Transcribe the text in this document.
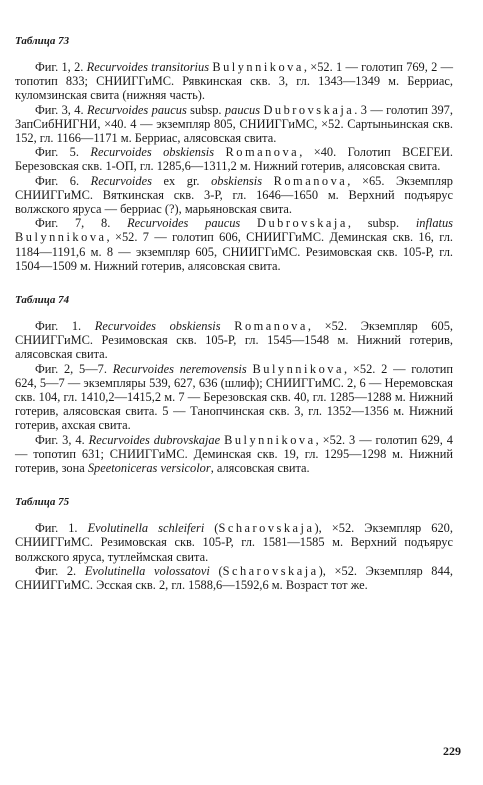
Таблица 73

Фиг. 1, 2. Recurvoides transitorius Bulynnikova, ×52. 1 — голотип 769, 2 — топотип 833; СНИИГГиМС. Рявкинская скв. 3, гл. 1343—1349 м. Берриас, куломзинская свита (нижняя часть).

Фиг. 3, 4. Recurvoides paucus subsp. paucus Dubrovskaja. 3 — голотип 397, ЗапСибНИГНИ, ×40. 4 — экземпляр 805, СНИИГГиМС, ×52. Сартыньинская скв. 152, гл. 1166—1171 м. Берриас, алясовская свита.

Фиг. 5. Recurvoides obskiensis Romanova, ×40. Голотип ВСЕГЕИ. Березовская скв. 1-ОП, гл. 1285,6—1311,2 м. Нижний готерив, алясовская свита.

Фиг. 6. Recurvoides ex gr. obskiensis Romanova, ×65. Экземпляр СНИИГГиМС. Вяткинская скв. 3-Р, гл. 1646—1650 м. Верхний подъярус волжского яруса — берриас (?), марьяновская свита.

Фиг. 7, 8. Recurvoides paucus Dubrovskaja, subsp. inflatus Bulynnikova, ×52. 7 — голотип 606, СНИИГГиМС. Деминская скв. 16, гл. 1184—1191,6 м. 8 — экземпляр 605, СНИИГГиМС. Резимовская скв. 105-Р, гл. 1504—1509 м. Нижний готерив, алясовская свита.

Таблица 74

Фиг. 1. Recurvoides obskiensis Romanova, ×52. Экземпляр 605, СНИИГГиМС. Резимовская скв. 105-Р, гл. 1545—1548 м. Нижний готерив, алясовская свита.

Фиг. 2, 5—7. Recurvoides neremovensis Bulynnikova, ×52. 2 — голотип 624, 5—7 — экземпляры 539, 627, 636 (шлиф); СНИИГГиМС. 2, 6 — Неремовская скв. 104, гл. 1410,2—1415,2 м. 7 — Березовская скв. 40, гл. 1285—1288 м. Нижний готерив, алясовская свита. 5 — Танопчинская скв. 3, гл. 1352—1356 м. Нижний готерив, ахская свита.

Фиг. 3, 4. Recurvoides dubrovskajae Bulynnikova, ×52. 3 — голотип 629, 4 — топотип 631; СНИИГГиМС. Деминская скв. 19, гл. 1295—1298 м. Нижний готерив, зона Speetoniceras versicolor, алясовская свита.

Таблица 75

Фиг. 1. Evolutinella schleiferi (Scharovskaja), ×52. Экземпляр 620, СНИИГГиМС. Резимовская скв. 105-Р, гл. 1581—1585 м. Верхний подъярус волжского яруса, тутлеймская свита.

Фиг. 2. Evolutinella volossatovi (Scharovskaja), ×52. Экземпляр 844, СНИИГГиМС. Эсская скв. 2, гл. 1588,6—1592,6 м. Возраст тот же.

229
